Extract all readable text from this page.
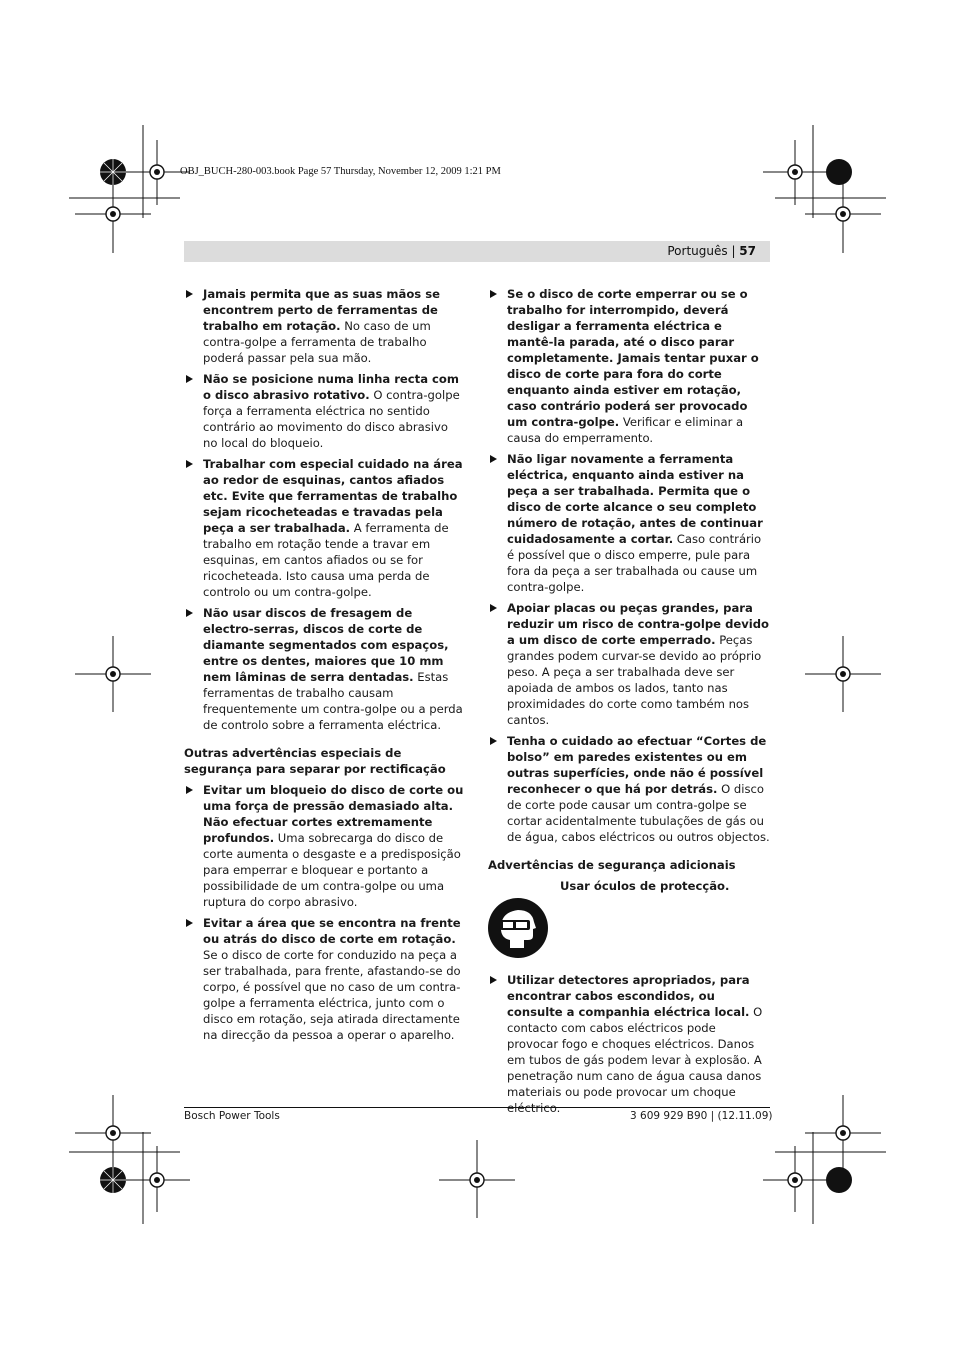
OBJ_BUCH-280-003.book Page 57 Thursday, November 12, 2009 1:21 PM
Português | 57
Jamais permita que as suas mãos se encontrem perto de ferramentas de trabalho em rotação. No caso de um contra-golpe a ferramenta de trabalho poderá passar pela sua mão.
Não se posicione numa linha recta com o disco abrasivo rotativo. O contra-golpe força a ferramenta eléctrica no sentido contrário ao movimento do disco abrasivo no local do bloqueio.
Trabalhar com especial cuidado na área ao redor de esquinas, cantos afiados etc. Evite que ferramentas de trabalho sejam ricocheteadas e travadas pela peça a ser trabalhada. A ferramenta de trabalho em rotação tende a travar em esquinas, em cantos afiados ou se for ricocheteada. Isto causa uma perda de controlo ou um contra-golpe.
Não usar discos de fresagem de electro-serras, discos de corte de diamante segmentados com espaços, entre os dentes, maiores que 10 mm nem lâminas de serra dentadas. Estas ferramentas de trabalho causam frequentemente um contra-golpe ou a perda de controlo sobre a ferramenta eléctrica.
Outras advertências especiais de segurança para separar por rectificação
Evitar um bloqueio do disco de corte ou uma força de pressão demasiado alta. Não efectuar cortes extremamente profundos. Uma sobrecarga do disco de corte aumenta o desgaste e a predisposição para emperrar e bloquear e portanto a possibilidade de um contra-golpe ou uma ruptura do corpo abrasivo.
Evitar a área que se encontra na frente ou atrás do disco de corte em rotação. Se o disco de corte for conduzido na peça a ser trabalhada, para frente, afastando-se do corpo, é possível que no caso de um contra-golpe a ferramenta eléctrica, junto com o disco em rotação, seja atirada directamente na direcção da pessoa a operar o aparelho.
Se o disco de corte emperrar ou se o trabalho for interrompido, deverá desligar a ferramenta eléctrica e mantê-la parada, até o disco parar completamente. Jamais tentar puxar o disco de corte para fora do corte enquanto ainda estiver em rotação, caso contrário poderá ser provocado um contra-golpe. Verificar e eliminar a causa do emperramento.
Não ligar novamente a ferramenta eléctrica, enquanto ainda estiver na peça a ser trabalhada. Permita que o disco de corte alcance o seu completo número de rotação, antes de continuar cuidadosamente a cortar. Caso contrário é possível que o disco emperre, pule para fora da peça a ser trabalhada ou cause um contra-golpe.
Apoiar placas ou peças grandes, para reduzir um risco de contra-golpe devido a um disco de corte emperrado. Peças grandes podem curvar-se devido ao próprio peso. A peça a ser trabalhada deve ser apoiada de ambos os lados, tanto nas proximidades do corte como também nos cantos.
Tenha o cuidado ao efectuar “Cortes de bolso” em paredes existentes ou em outras superfícies, onde não é possível reconhecer o que há por detrás. O disco de corte pode causar um contra-golpe se cortar acidentalmente tubulações de gás ou de água, cabos eléctricos ou outros objectos.
Advertências de segurança adicionais
Usar óculos de protecção.
Utilizar detectores apropriados, para encontrar cabos escondidos, ou consulte a companhia eléctrica local. O contacto com cabos eléctricos pode provocar fogo e choques eléctricos. Danos em tubos de gás podem levar à explosão. A penetração num cano de água causa danos materiais ou pode provocar um choque eléctrico.
Bosch Power Tools	3 609 929 B90 | (12.11.09)
